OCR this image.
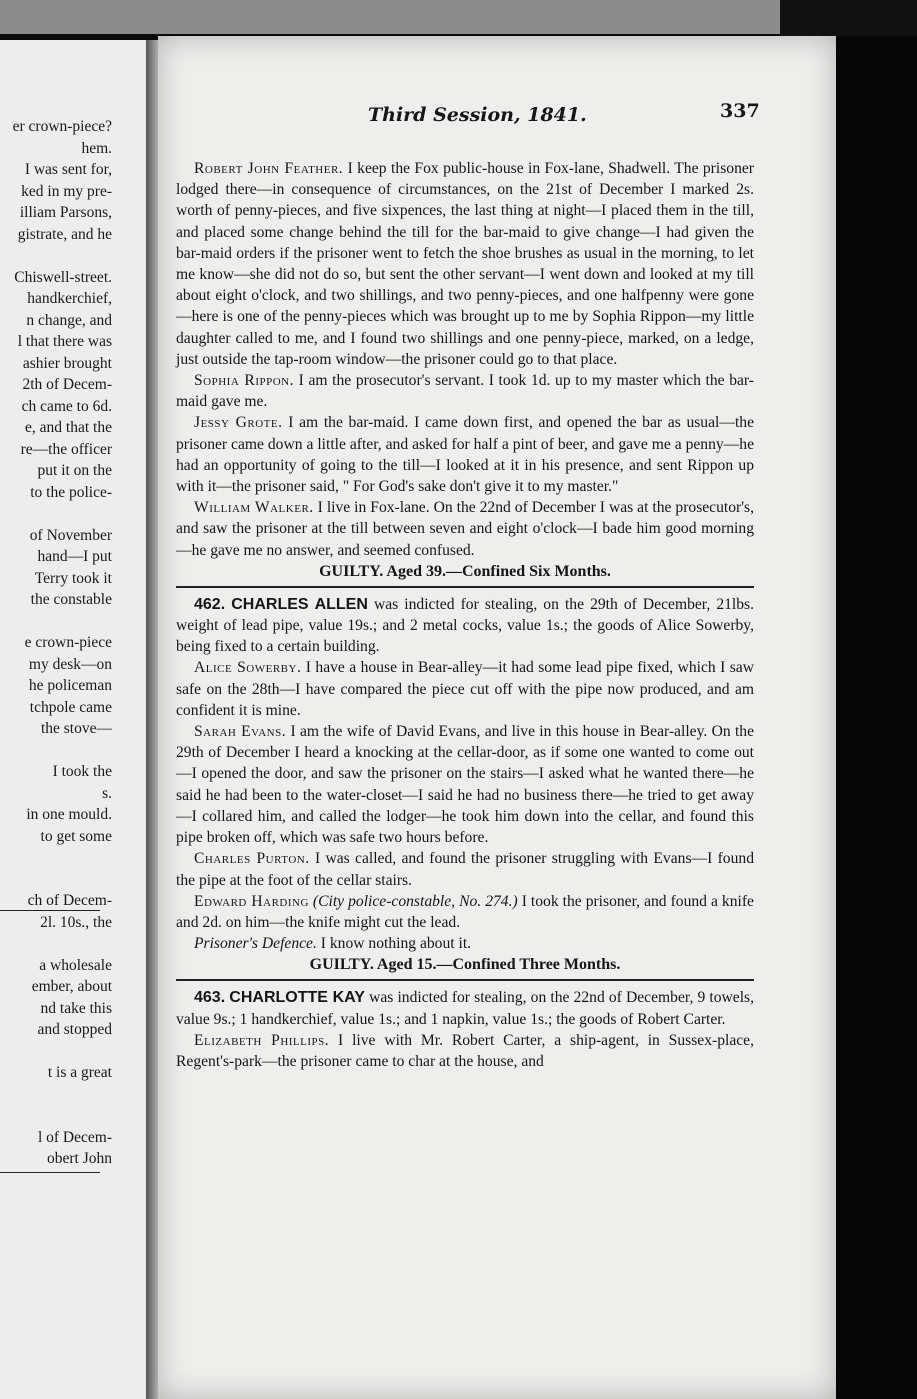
er crown-piece?
hem.
I was sent for,
ked in my pre-
illiam Parsons,
gistrate, and he
Chiswell-street.
handkerchief,
n change, and
l that there was
ashier brought
2th of Decem-
ch came to 6d.
e, and that the
re—the officer
put it on the
to the police-
of November
hand—I put
Terry took it
the constable
e crown-piece
my desk—on
he policeman
tchpole came
the stove—
I took the
s.
in one mould.
to get some
ch of Decem-
2l. 10s., the
a wholesale
ember, about
nd take this
and stopped
t is a great
l of Decem-
obert John
Third Session, 1841.	337

Robert John Feather. I keep the Fox public-house in Fox-lane, Shadwell. The prisoner lodged there—in consequence of circumstances, on the 21st of December I marked 2s. worth of penny-pieces, and five sixpences, the last thing at night—I placed them in the till, and placed some change behind the till for the bar-maid to give change—I had given the bar-maid orders if the prisoner went to fetch the shoe brushes as usual in the morning, to let me know—she did not do so, but sent the other servant—I went down and looked at my till about eight o'clock, and two shillings, and two penny-pieces, and one halfpenny were gone—here is one of the penny-pieces which was brought up to me by Sophia Rippon—my little daughter called to me, and I found two shillings and one penny-piece, marked, on a ledge, just outside the tap-room window—the prisoner could go to that place.

Sophia Rippon. I am the prosecutor's servant. I took 1d. up to my master which the bar-maid gave me.

Jessy Grote. I am the bar-maid. I came down first, and opened the bar as usual—the prisoner came down a little after, and asked for half a pint of beer, and gave me a penny—he had an opportunity of going to the till—I looked at it in his presence, and sent Rippon up with it—the prisoner said, " For God's sake don't give it to my master."

William Walker. I live in Fox-lane. On the 22nd of December I was at the prosecutor's, and saw the prisoner at the till between seven and eight o'clock—I bade him good morning—he gave me no answer, and seemed confused.

GUILTY. Aged 39.—Confined Six Months.

462. CHARLES ALLEN was indicted for stealing, on the 29th of December, 21lbs. weight of lead pipe, value 19s.; and 2 metal cocks, value 1s.; the goods of Alice Sowerby, being fixed to a certain building.

Alice Sowerby. I have a house in Bear-alley—it had some lead pipe fixed, which I saw safe on the 28th—I have compared the piece cut off with the pipe now produced, and am confident it is mine.

Sarah Evans. I am the wife of David Evans, and live in this house in Bear-alley. On the 29th of December I heard a knocking at the cellar-door, as if some one wanted to come out—I opened the door, and saw the prisoner on the stairs—I asked what he wanted there—he said he had been to the water-closet—I said he had no business there—he tried to get away—I collared him, and called the lodger—he took him down into the cellar, and found this pipe broken off, which was safe two hours before.

Charles Purton. I was called, and found the prisoner struggling with Evans—I found the pipe at the foot of the cellar stairs.

Edward Harding (City police-constable, No. 274.) I took the prisoner, and found a knife and 2d. on him—the knife might cut the lead.

Prisoner's Defence. I know nothing about it.

GUILTY. Aged 15.—Confined Three Months.

463. CHARLOTTE KAY was indicted for stealing, on the 22nd of December, 9 towels, value 9s.; 1 handkerchief, value 1s.; and 1 napkin, value 1s.; the goods of Robert Carter.

Elizabeth Phillips. I live with Mr. Robert Carter, a ship-agent, in Sussex-place, Regent's-park—the prisoner came to char at the house, and
